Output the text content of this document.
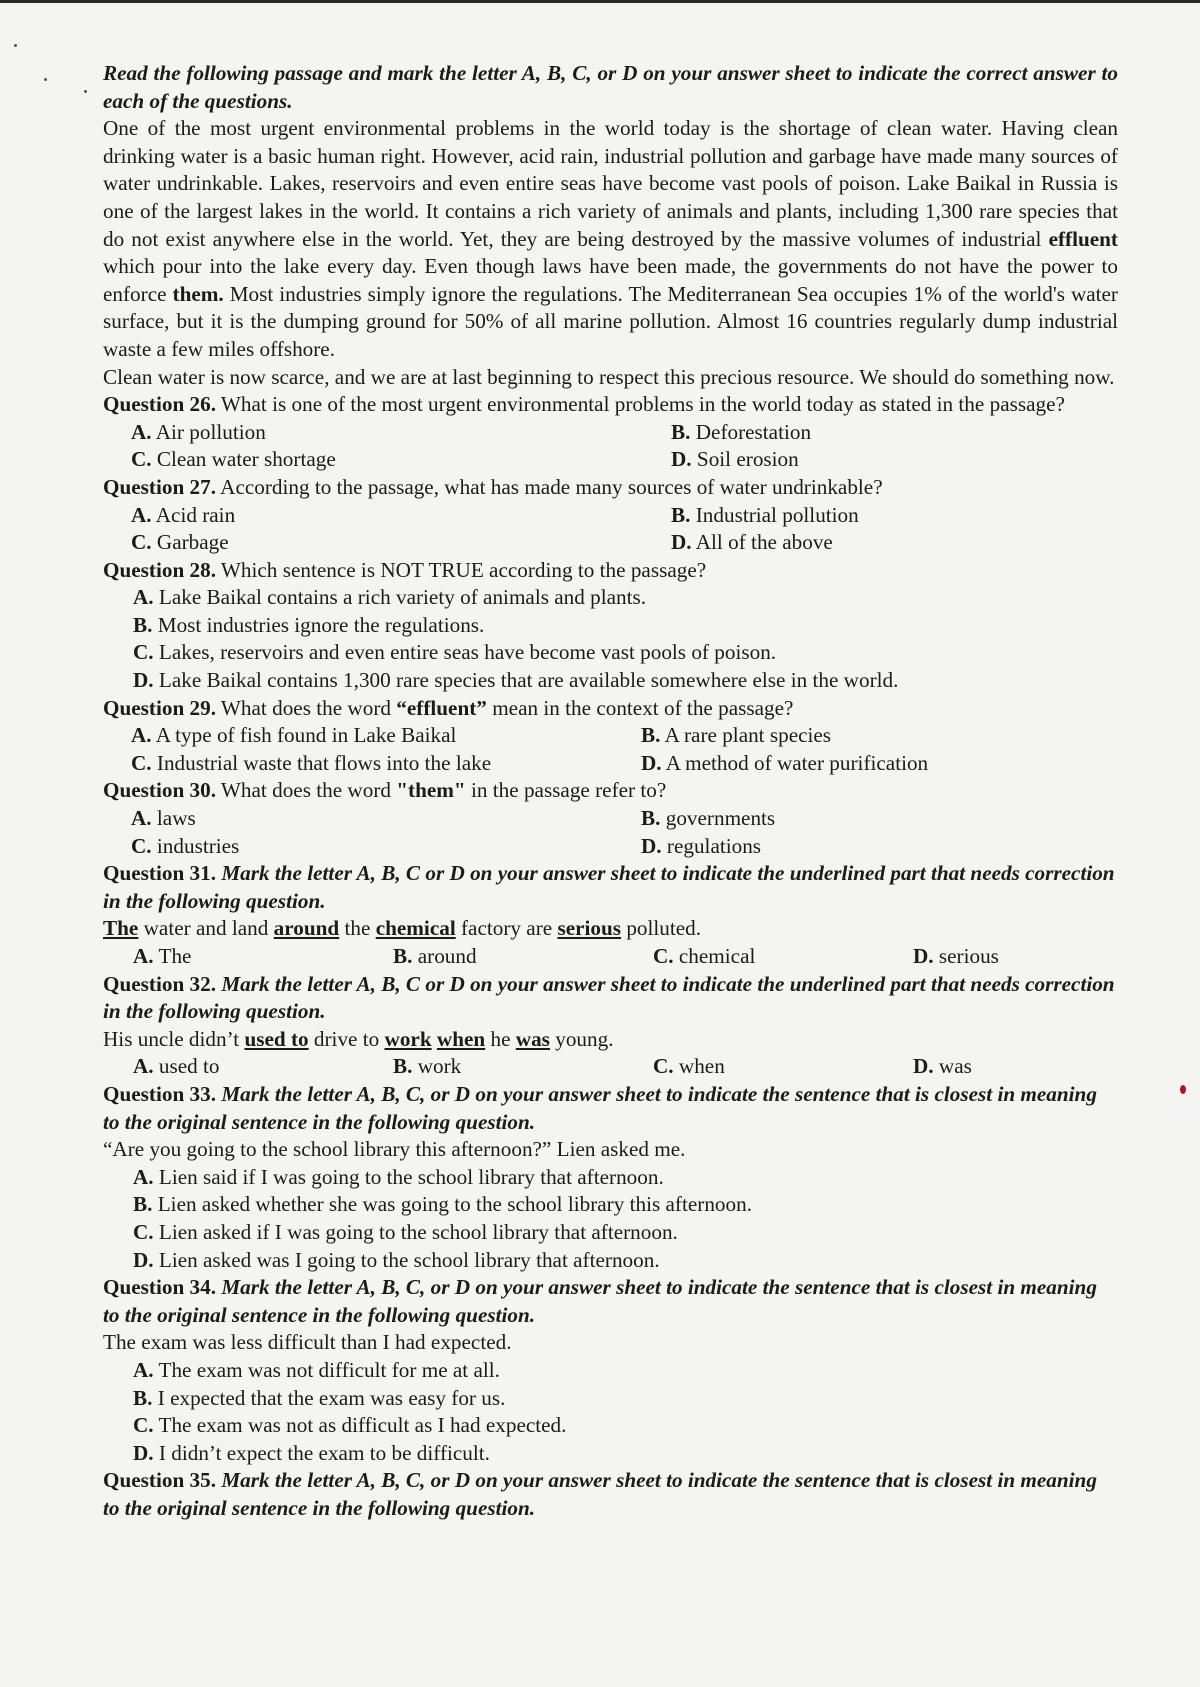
Read the following passage and mark the letter A, B, C, or D on your answer sheet to indicate the correct answer to each of the questions.

One of the most urgent environmental problems in the world today is the shortage of clean water. Having clean drinking water is a basic human right. However, acid rain, industrial pollution and garbage have made many sources of water undrinkable. Lakes, reservoirs and even entire seas have become vast pools of poison. Lake Baikal in Russia is one of the largest lakes in the world. It contains a rich variety of animals and plants, including 1,300 rare species that do not exist anywhere else in the world. Yet, they are being destroyed by the massive volumes of industrial effluent which pour into the lake every day. Even though laws have been made, the governments do not have the power to enforce them. Most industries simply ignore the regulations. The Mediterranean Sea occupies 1% of the world's water surface, but it is the dumping ground for 50% of all marine pollution. Almost 16 countries regularly dump industrial waste a few miles offshore.

Clean water is now scarce, and we are at last beginning to respect this precious resource. We should do something now.

Question 26. What is one of the most urgent environmental problems in the world today as stated in the passage?

A. Air pollution	B. Deforestation
C. Clean water shortage	D. Soil erosion

Question 27. According to the passage, what has made many sources of water undrinkable?

A. Acid rain	B. Industrial pollution
C. Garbage	D. All of the above

Question 28. Which sentence is NOT TRUE according to the passage?

A. Lake Baikal contains a rich variety of animals and plants.
B. Most industries ignore the regulations.
C. Lakes, reservoirs and even entire seas have become vast pools of poison.
D. Lake Baikal contains 1,300 rare species that are available somewhere else in the world.

Question 29. What does the word “effluent” mean in the context of the passage?

A. A type of fish found in Lake Baikal	B. A rare plant species
C. Industrial waste that flows into the lake	D. A method of water purification

Question 30. What does the word "them" in the passage refer to?

A. laws	B. governments
C. industries	D. regulations

Question 31. Mark the letter A, B, C or D on your answer sheet to indicate the underlined part that needs correction in the following question.

The water and land around the chemical factory are serious polluted.

A. The	B. around	C. chemical	D. serious

Question 32. Mark the letter A, B, C or D on your answer sheet to indicate the underlined part that needs correction in the following question.

His uncle didn’t used to drive to work when he was young.

A. used to	B. work	C. when	D. was

Question 33. Mark the letter A, B, C, or D on your answer sheet to indicate the sentence that is closest in meaning to the original sentence in the following question.

“Are you going to the school library this afternoon?” Lien asked me.

A. Lien said if I was going to the school library that afternoon.
B. Lien asked whether she was going to the school library this afternoon.
C. Lien asked if I was going to the school library that afternoon.
D. Lien asked was I going to the school library that afternoon.

Question 34. Mark the letter A, B, C, or D on your answer sheet to indicate the sentence that is closest in meaning to the original sentence in the following question.

The exam was less difficult than I had expected.

A. The exam was not difficult for me at all.
B. I expected that the exam was easy for us.
C. The exam was not as difficult as I had expected.
D. I didn’t expect the exam to be difficult.

Question 35. Mark the letter A, B, C, or D on your answer sheet to indicate the sentence that is closest in meaning to the original sentence in the following question.
